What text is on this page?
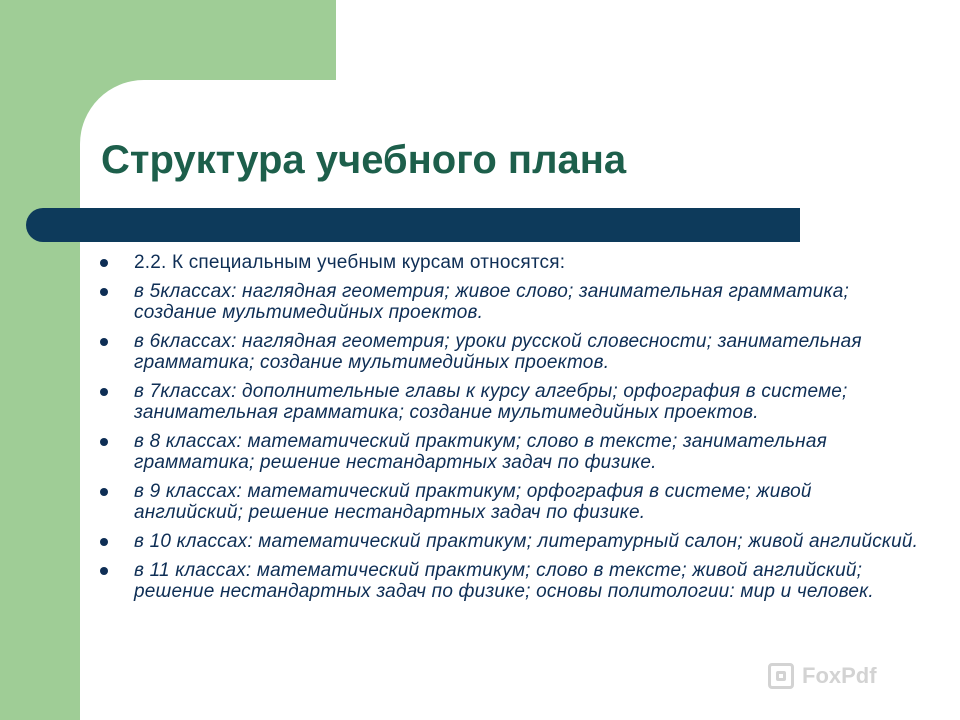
Структура учебного плана
2.2. К специальным учебным курсам относятся:
в 5классах: наглядная геометрия; живое слово; занимательная грамматика; создание мультимедийных проектов.
в 6классах: наглядная геометрия; уроки русской словесности; занимательная грамматика; создание мультимедийных проектов.
в 7классах: дополнительные главы к курсу алгебры; орфография в системе; занимательная грамматика; создание мультимедийных проектов.
в 8 классах: математический практикум; слово в тексте; занимательная грамматика; решение нестандартных задач по физике.
в 9 классах: математический практикум; орфография в системе; живой английский; решение нестандартных задач по физике.
в 10 классах: математический практикум; литературный салон; живой английский.
в 11 классах: математический практикум; слово в тексте; живой английский; решение нестандартных задач по физике; основы политологии: мир и человек.
FoxPdf
